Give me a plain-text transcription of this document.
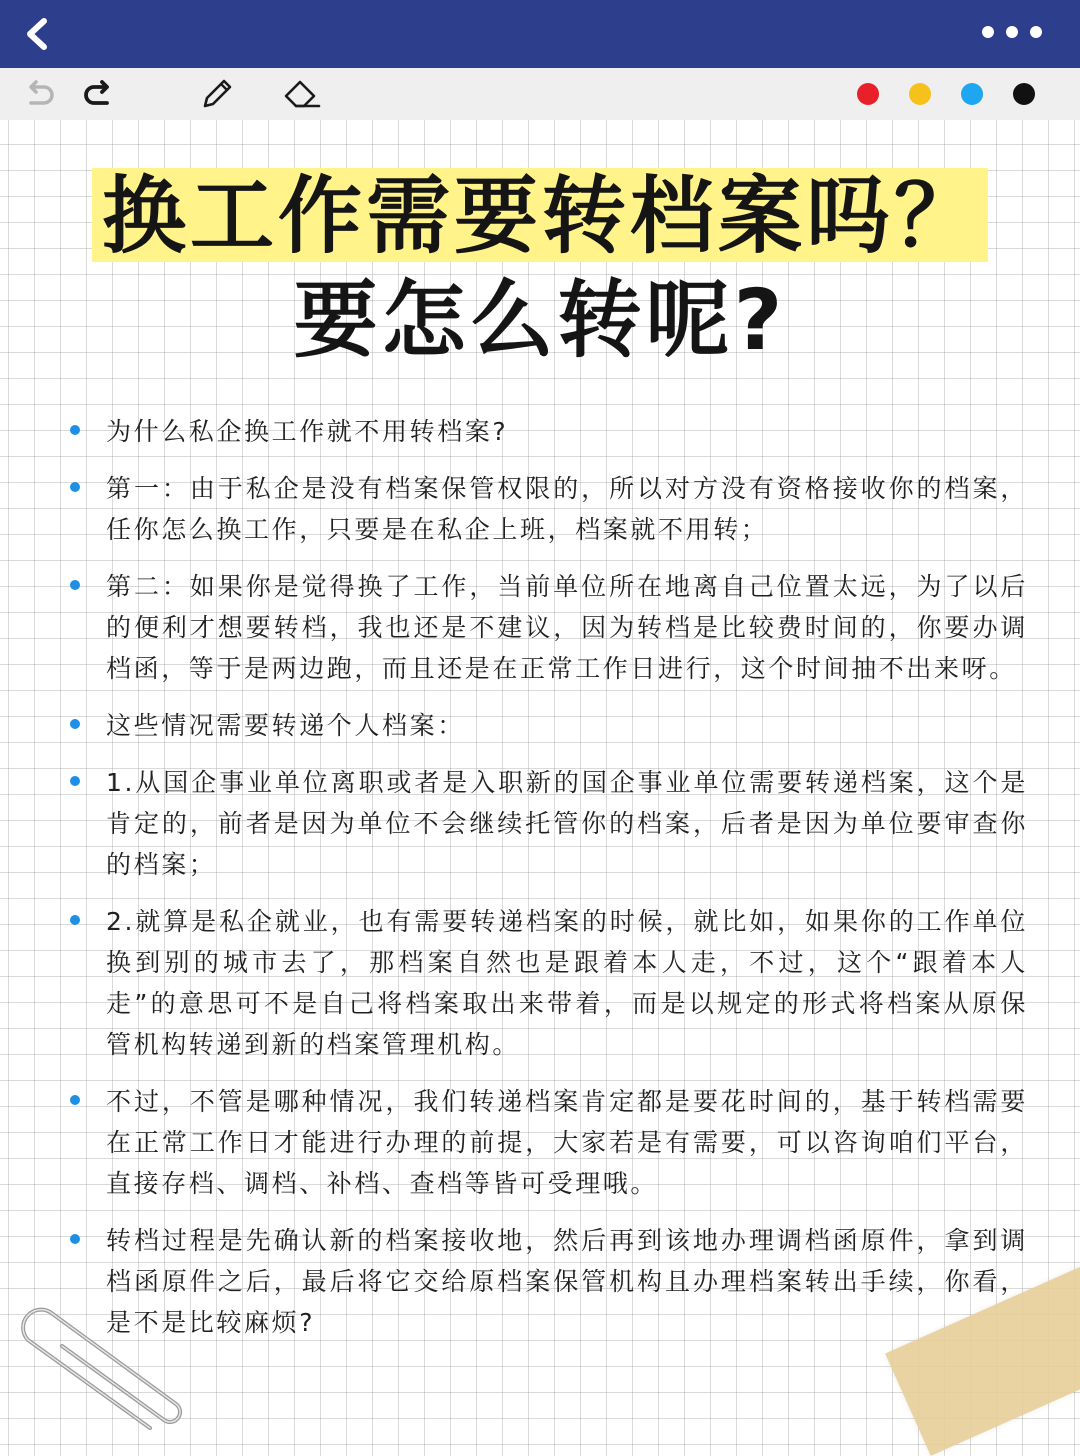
换工作需要转档案吗？
要怎么转呢?
为什么私企换工作就不用转档案?
第一：由于私企是没有档案保管权限的，所以对方没有资格接收你的档案，任你怎么换工作，只要是在私企上班，档案就不用转；
第二：如果你是觉得换了工作，当前单位所在地离自己位置太远，为了以后的便利才想要转档，我也还是不建议，因为转档是比较费时间的，你要办调档函，等于是两边跑，而且还是在正常工作日进行，这个时间抽不出来呀。
这些情况需要转递个人档案：
1.从国企事业单位离职或者是入职新的国企事业单位需要转递档案，这个是肯定的，前者是因为单位不会继续托管你的档案，后者是因为单位要审查你的档案；
2.就算是私企就业，也有需要转递档案的时候，就比如，如果你的工作单位换到别的城市去了，那档案自然也是跟着本人走，不过，这个“跟着本人走”的意思可不是自己将档案取出来带着，而是以规定的形式将档案从原保管机构转递到新的档案管理机构。
不过，不管是哪种情况，我们转递档案肯定都是要花时间的，基于转档需要在正常工作日才能进行办理的前提，大家若是有需要，可以咨询咱们平台，直接存档、调档、补档、查档等皆可受理哦。
转档过程是先确认新的档案接收地，然后再到该地办理调档函原件，拿到调档函原件之后，最后将它交给原档案保管机构且办理档案转出手续，你看，是不是比较麻烦?
